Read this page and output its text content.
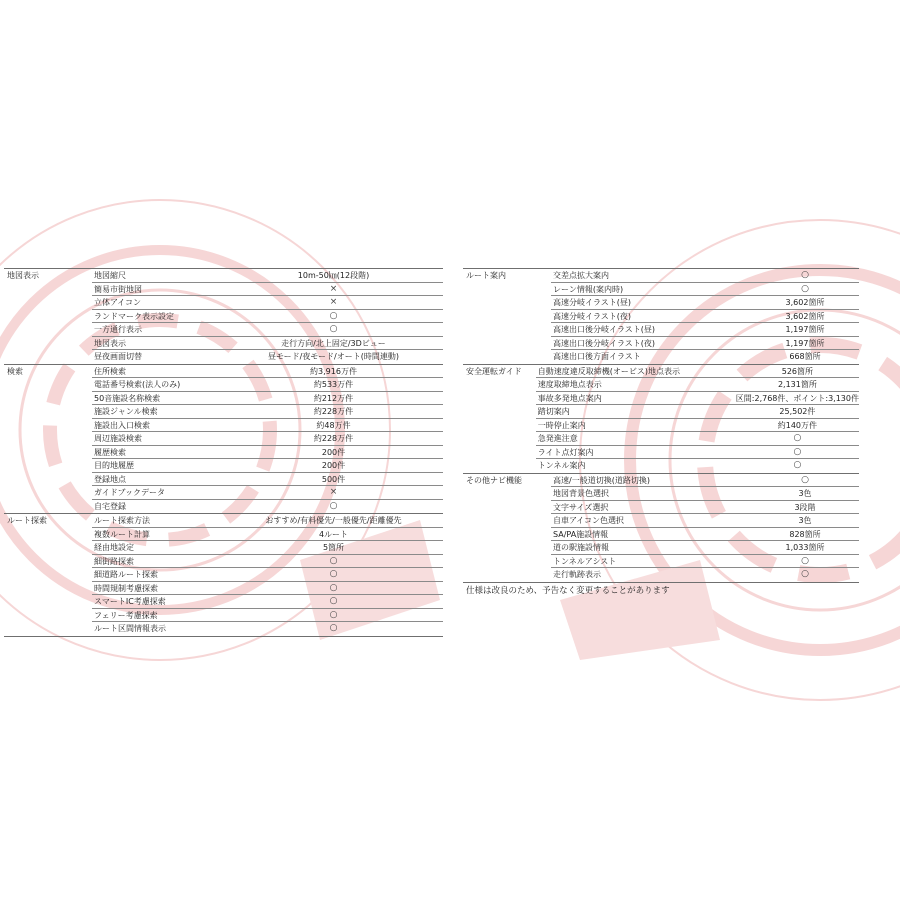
地図表示	地図縮尺	10m-50㎞(12段階)
簡易市街地図	×
立体アイコン	×
ランドマーク表示設定	○
一方通行表示	○
地図表示	走行方向/北上固定/3Dビュー
昼夜画面切替	昼モード/夜モード/オート(時間連動)
検索	住所検索	約3,916万件
電話番号検索(法人のみ)	約533万件
50音施設名称検索	約212万件
施設ジャンル検索	約228万件
施設出入口検索	約48万件
周辺施設検索	約228万件
履歴検索	200件
目的地履歴	200件
登録地点	500件
ガイドブックデータ	×
自宅登録	○
ルート探索	ルート探索方法	おすすめ/有料優先/一般優先/距離優先
複数ルート計算	4ルート
経由地設定	5箇所
細街路探索	○
細道路ルート探索	○
時間規制考慮探索	○
スマートIC考慮探索	○
フェリー考慮探索	○
ルート区間情報表示	○
ルート案内	交差点拡大案内	○
レーン情報(案内時)	○
高速分岐イラスト(昼)	3,602箇所
高速分岐イラスト(夜)	3,602箇所
高速出口後分岐イラスト(昼)	1,197箇所
高速出口後分岐イラスト(夜)	1,197箇所
高速出口後方面イラスト	668箇所
安全運転ガイド	自動速度違反取締機(オービス)地点表示	526箇所
速度取締地点表示	2,131箇所
事故多発地点案内	区間:2,768件、ポイント:3,130件
踏切案内	25,502件
一時停止案内	約140万件
急発進注意	○
ライト点灯案内	○
トンネル案内	○
その他ナビ機能	高速/一般道切換(道路切換)	○
地図背景色選択	3色
文字サイズ選択	3段階
自車アイコン色選択	3色
SA/PA施設情報	828箇所
道の駅施設情報	1,033箇所
トンネルアシスト	○
走行軌跡表示	○
仕様は改良のため、予告なく変更することがあります
